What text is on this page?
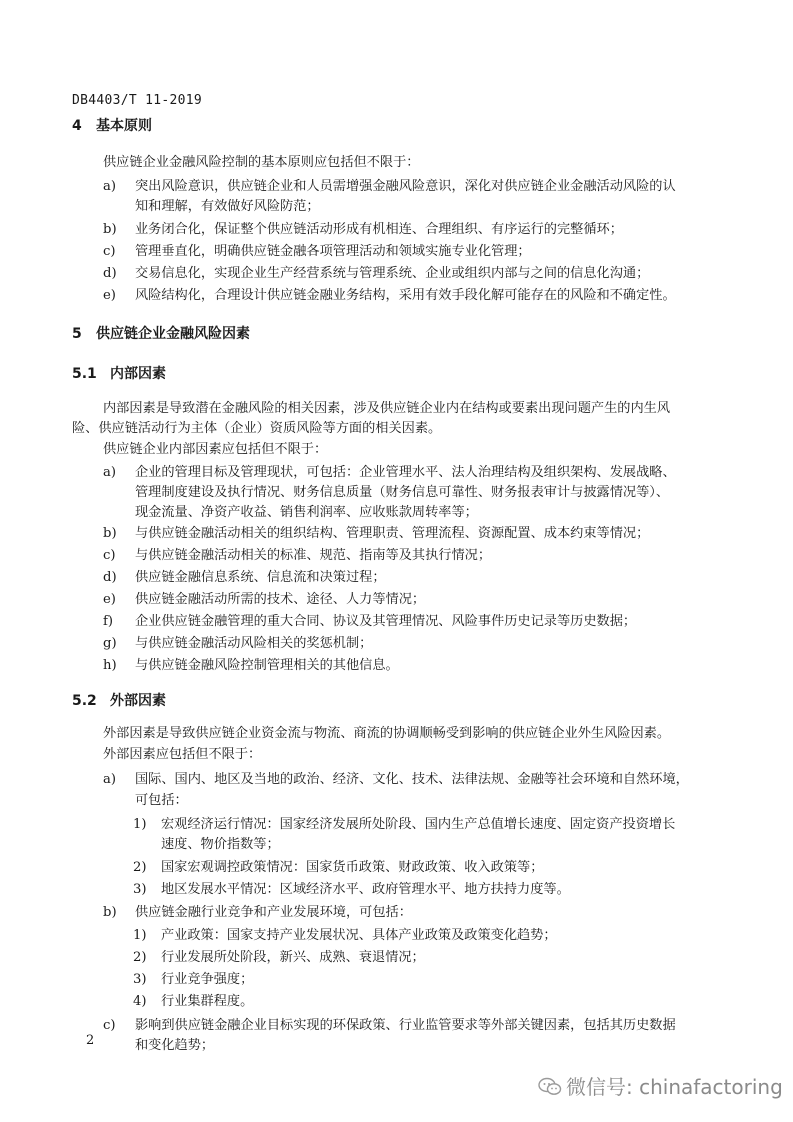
DB4403/T 11-2019
4 基本原则
供应链企业金融风险控制的基本原则应包括但不限于：
a) 突出风险意识，供应链企业和人员需增强金融风险意识，深化对供应链企业金融活动风险的认
知和理解，有效做好风险防范；
b) 业务闭合化，保证整个供应链活动形成有机相连、合理组织、有序运行的完整循环；
c) 管理垂直化，明确供应链金融各项管理活动和领域实施专业化管理；
d) 交易信息化，实现企业生产经营系统与管理系统、企业或组织内部与之间的信息化沟通；
e) 风险结构化，合理设计供应链金融业务结构，采用有效手段化解可能存在的风险和不确定性。
5 供应链企业金融风险因素
5.1 内部因素
内部因素是导致潜在金融风险的相关因素，涉及供应链企业内在结构或要素出现问题产生的内生风
险、供应链活动行为主体（企业）资质风险等方面的相关因素。
供应链企业内部因素应包括但不限于：
a) 企业的管理目标及管理现状，可包括：企业管理水平、法人治理结构及组织架构、发展战略、
管理制度建设及执行情况、财务信息质量（财务信息可靠性、财务报表审计与披露情况等）、
现金流量、净资产收益、销售利润率、应收账款周转率等；
b) 与供应链金融活动相关的组织结构、管理职责、管理流程、资源配置、成本约束等情况；
c) 与供应链金融活动相关的标准、规范、指南等及其执行情况；
d) 供应链金融信息系统、信息流和决策过程；
e) 供应链金融活动所需的技术、途径、人力等情况；
f) 企业供应链金融管理的重大合同、协议及其管理情况、风险事件历史记录等历史数据；
g) 与供应链金融活动风险相关的奖惩机制；
h) 与供应链金融风险控制管理相关的其他信息。
5.2 外部因素
外部因素是导致供应链企业资金流与物流、商流的协调顺畅受到影响的供应链企业外生风险因素。
外部因素应包括但不限于：
a) 国际、国内、地区及当地的政治、经济、文化、技术、法律法规、金融等社会环境和自然环境，
可包括：
1) 宏观经济运行情况：国家经济发展所处阶段、国内生产总值增长速度、固定资产投资增长
速度、物价指数等；
2) 国家宏观调控政策情况：国家货币政策、财政政策、收入政策等；
3) 地区发展水平情况：区域经济水平、政府管理水平、地方扶持力度等。
b) 供应链金融行业竞争和产业发展环境，可包括：
1) 产业政策：国家支持产业发展状况、具体产业政策及政策变化趋势；
2) 行业发展所处阶段，新兴、成熟、衰退情况；
3) 行业竞争强度；
4) 行业集群程度。
c) 影响到供应链金融企业目标实现的环保政策、行业监管要求等外部关键因素，包括其历史数据
和变化趋势；
2
微信号: chinafactoring
